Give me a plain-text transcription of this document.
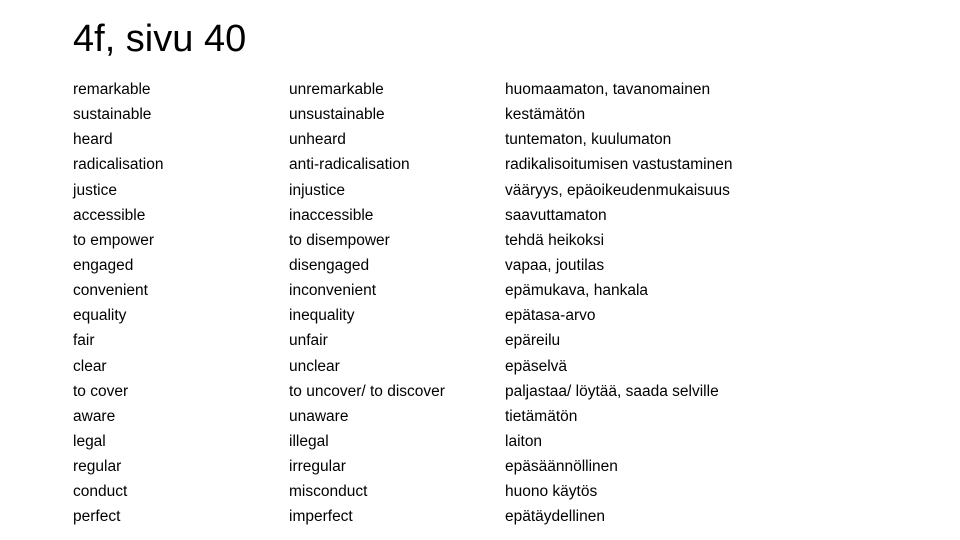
4f, sivu 40
remarkable	unremarkable	huomaamaton, tavanomainen
sustainable	unsustainable	kestämätön
heard	unheard	tuntematon, kuulumaton
radicalisation	anti-radicalisation	radikalisoitumisen vastustaminen
justice	injustice	vääryys, epäoikeudenmukaisuus
accessible	inaccessible	saavuttamaton
to empower	to disempower	tehdä heikoksi
engaged	disengaged	vapaa, joutilas
convenient	inconvenient	epämukava, hankala
equality	inequality	epätasa-arvo
fair	unfair	epäreilu
clear	unclear	epäselvä
to cover	to uncover/ to discover	paljastaa/ löytää, saada selville
aware	unaware	tietämätön
legal	illegal	laiton
regular	irregular	epäsäännöllinen
conduct	misconduct	huono käytös
perfect	imperfect	epätäydellinen
